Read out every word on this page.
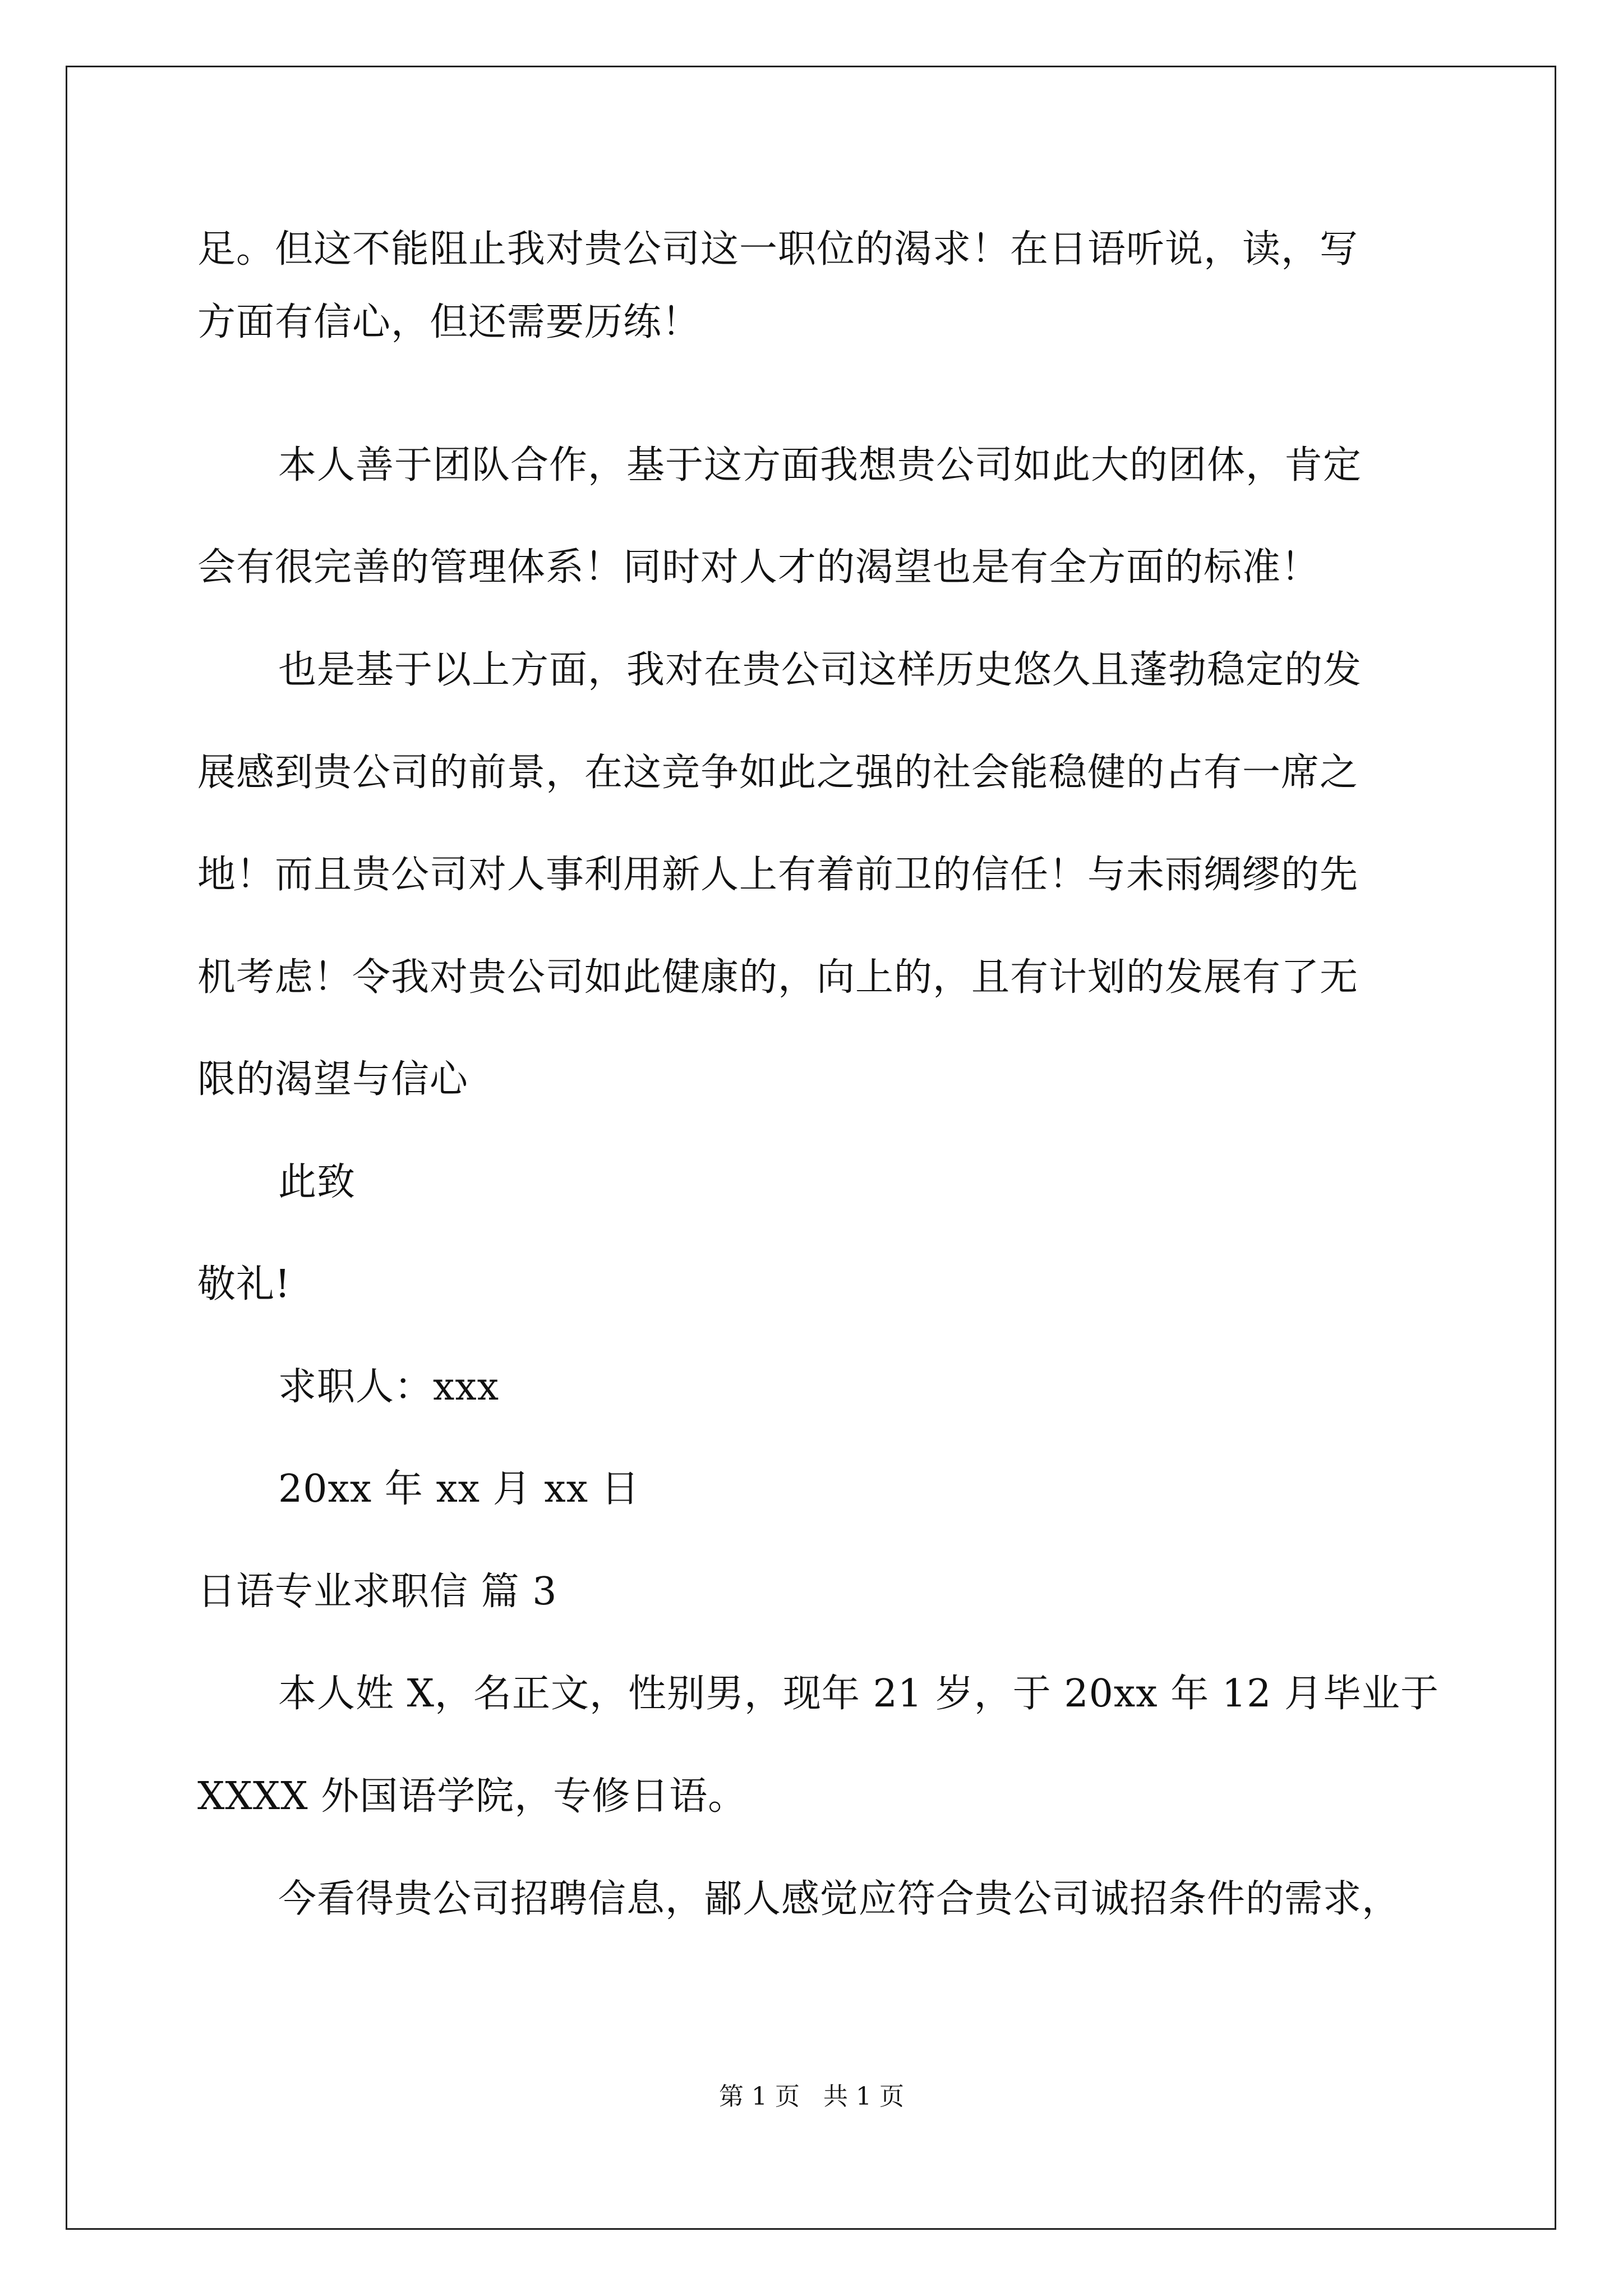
足。但这不能阻止我对贵公司这一职位的渴求！在日语听说，读，写
方面有信心，但还需要历练！
本人善于团队合作，基于这方面我想贵公司如此大的团体，肯定
会有很完善的管理体系！同时对人才的渴望也是有全方面的标准！
也是基于以上方面，我对在贵公司这样历史悠久且蓬勃稳定的发
展感到贵公司的前景，在这竞争如此之强的社会能稳健的占有一席之
地！而且贵公司对人事利用新人上有着前卫的信任！与未雨绸缪的先
机考虑！令我对贵公司如此健康的，向上的，且有计划的发展有了无
限的渴望与信心
此致
敬礼!
求职人：xxx
20xx 年 xx 月 xx 日
日语专业求职信 篇 3
本人姓 X，名正文，性别男，现年 21 岁，于 20xx 年 12 月毕业于
XXXX 外国语学院，专修日语。
今看得贵公司招聘信息，鄙人感觉应符合贵公司诚招条件的需求，
第 1 页   共 1 页
